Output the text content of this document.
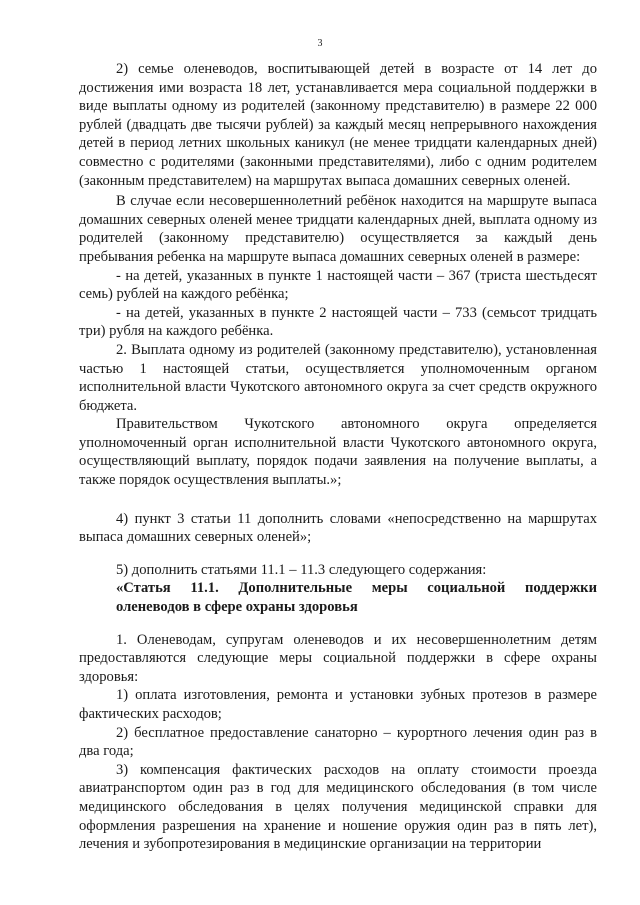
3

2) семье оленеводов, воспитывающей детей в возрасте от 14 лет до достижения ими возраста 18 лет, устанавливается мера социальной поддержки в виде выплаты одному из родителей (законному представителю) в размере 22 000 рублей (двадцать две тысячи рублей) за каждый месяц непрерывного нахождения детей в период летних школьных каникул (не менее тридцати календарных дней) совместно с родителями (законными представителями), либо с одним родителем (законным представителем) на маршрутах выпаса домашних северных оленей.

В случае если несовершеннолетний ребёнок находится на маршруте выпаса домашних северных оленей менее тридцати календарных дней, выплата одному из родителей (законному представителю) осуществляется за каждый день пребывания ребенка на маршруте выпаса домашних северных оленей в размере:

- на детей, указанных в пункте 1 настоящей части – 367 (триста шестьдесят семь) рублей на каждого ребёнка;

- на детей, указанных в пункте 2 настоящей части – 733 (семьсот тридцать три) рубля на каждого ребёнка.

2. Выплата одному из родителей (законному представителю), установленная частью 1 настоящей статьи, осуществляется уполномоченным органом исполнительной власти Чукотского автономного округа за счет средств окружного бюджета.

Правительством Чукотского автономного округа определяется уполномоченный орган исполнительной власти Чукотского автономного округа, осуществляющий выплату, порядок подачи заявления на получение выплаты, а также порядок осуществления выплаты.»;

4) пункт 3 статьи 11 дополнить словами «непосредственно на маршрутах выпаса домашних северных оленей»;

5) дополнить статьями 11.1 – 11.3 следующего содержания:

«Статья 11.1. Дополнительные меры социальной поддержки

оленеводов в сфере охраны здоровья

1. Оленеводам, супругам оленеводов и их несовершеннолетним детям предоставляются следующие меры социальной поддержки в сфере охраны здоровья:

1) оплата изготовления, ремонта и установки зубных протезов в размере фактических расходов;

2) бесплатное предоставление санаторно – курортного лечения один раз в два года;

3) компенсация фактических расходов на оплату стоимости проезда авиатранспортом один раз в год для медицинского обследования (в том числе медицинского обследования в целях получения медицинской справки для оформления разрешения на хранение и ношение оружия один раз в пять лет), лечения и зубопротезирования в медицинские организации на территории
